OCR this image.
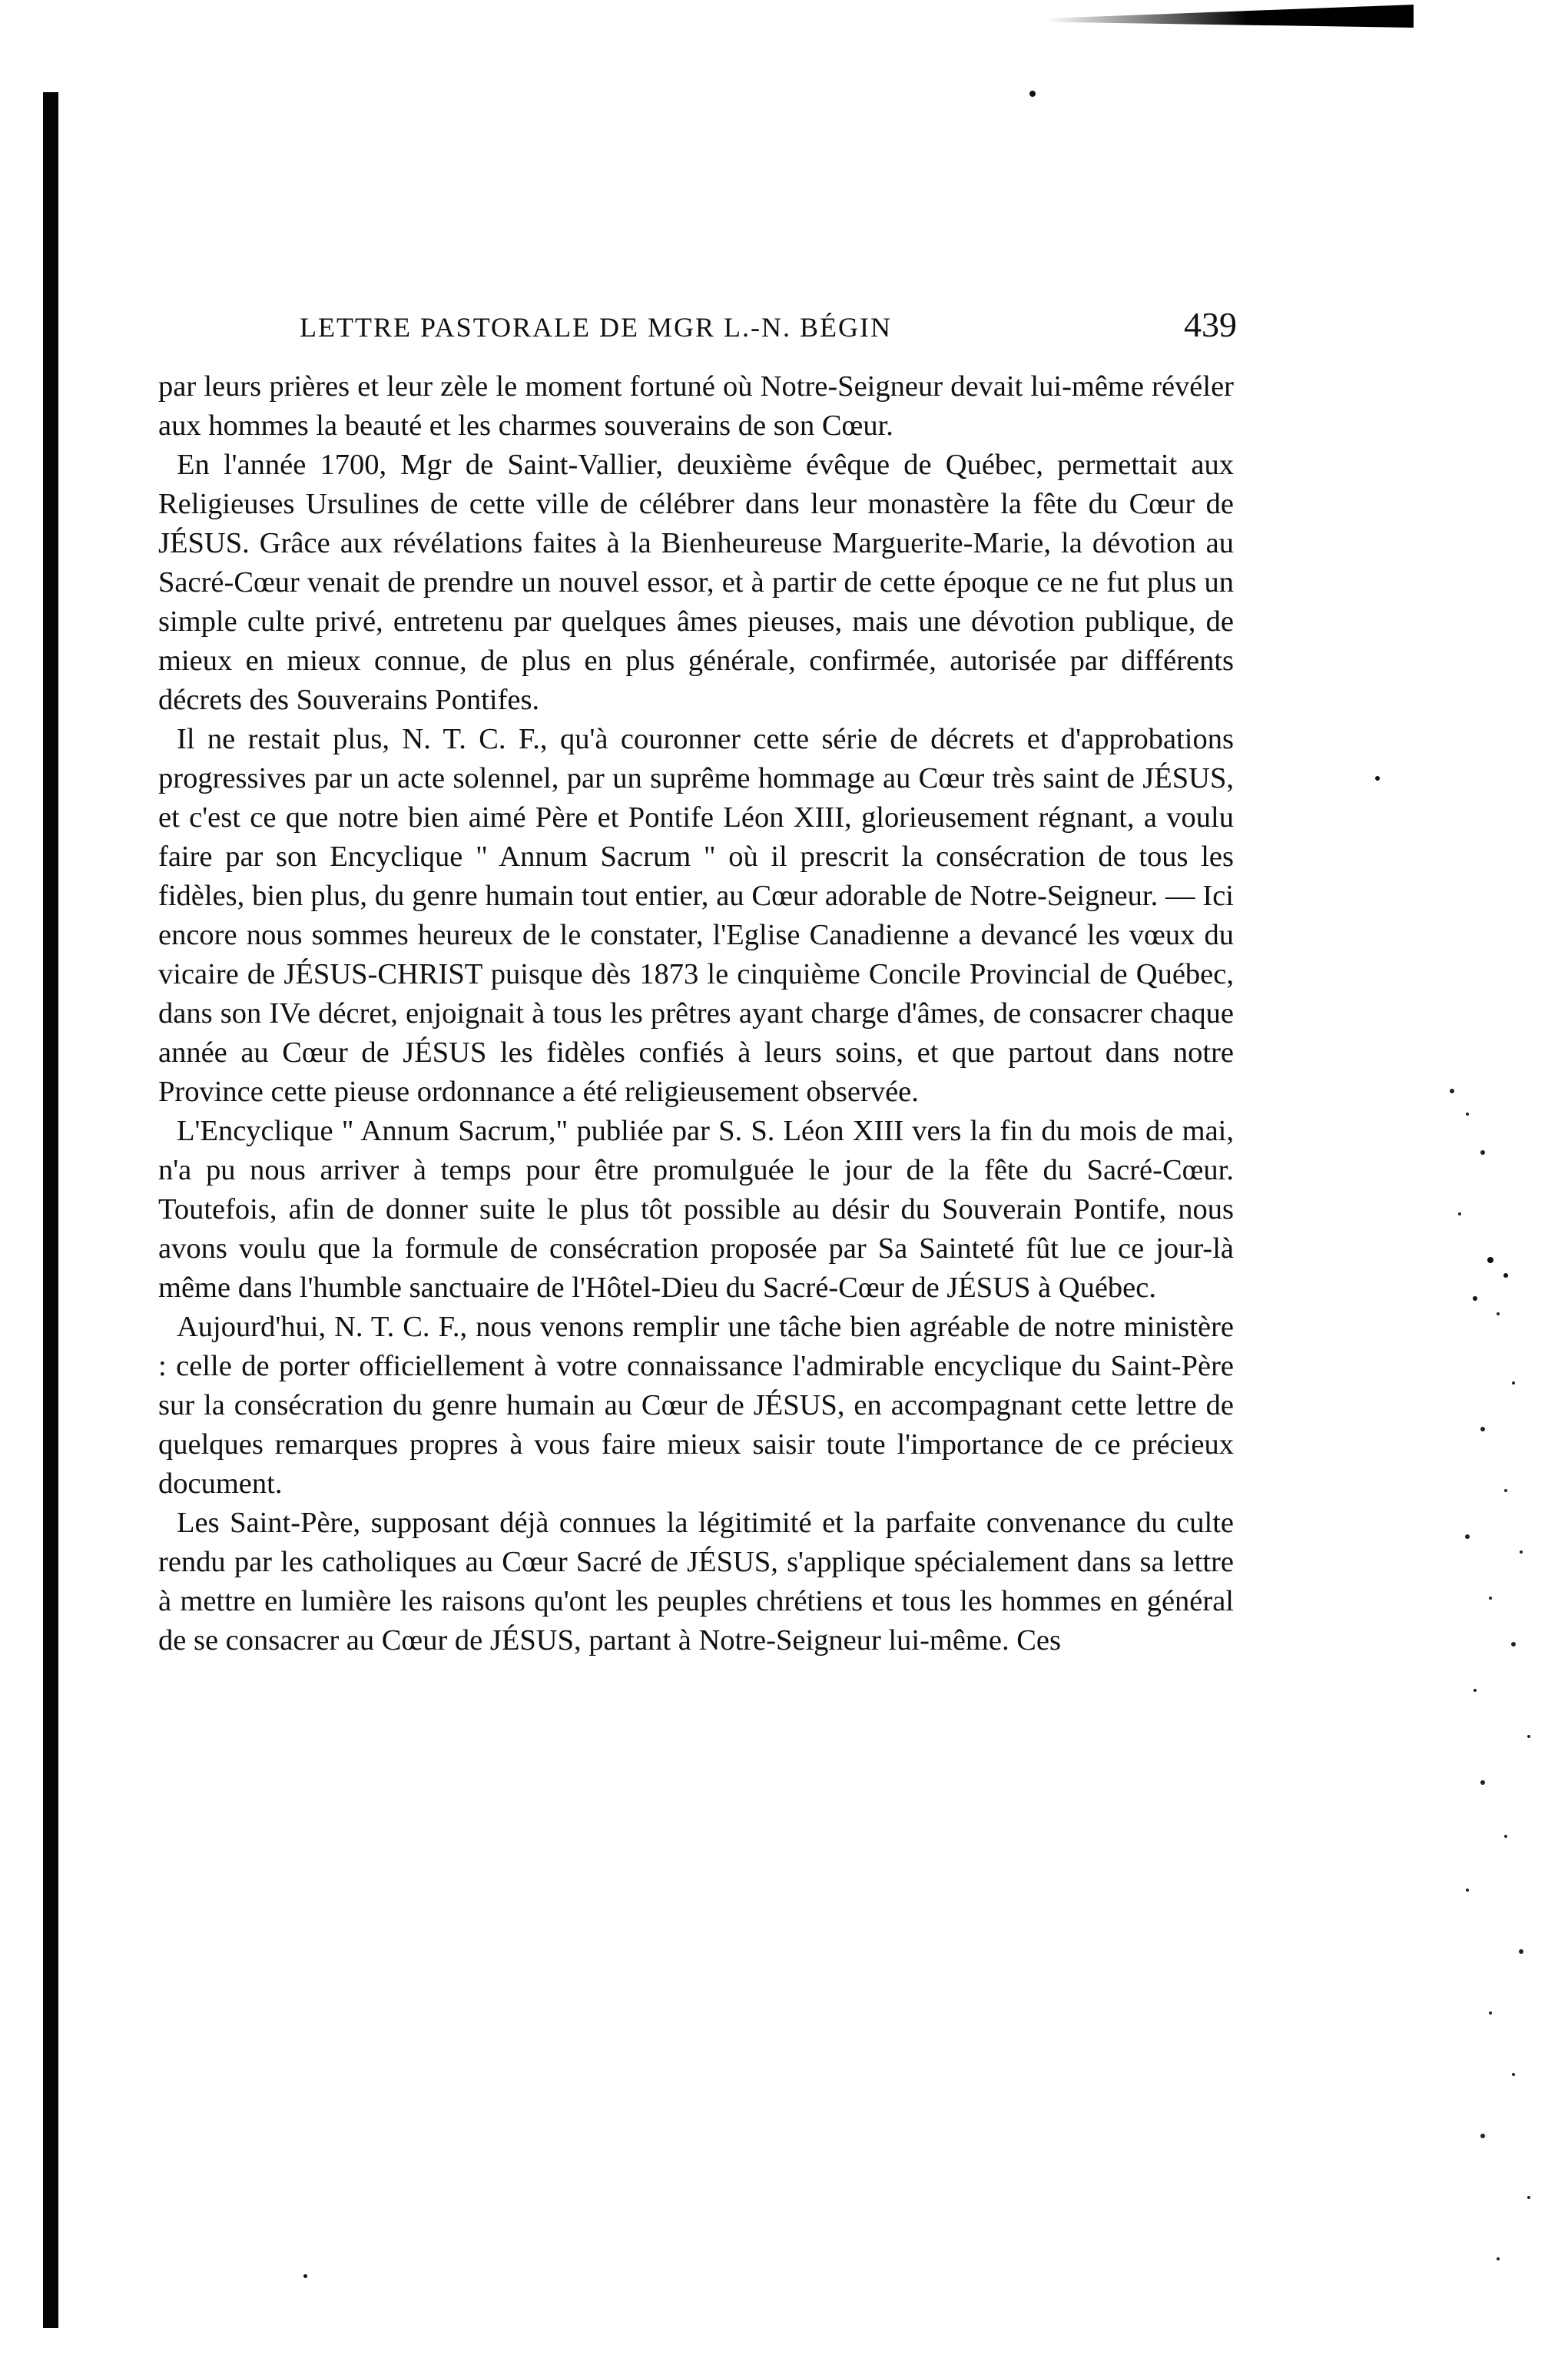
LETTRE PASTORALE DE MGR L.-N. BÉGIN	439

par leurs prières et leur zèle le moment fortuné où Notre-Seigneur devait lui-même révéler aux hommes la beauté et les charmes souverains de son Cœur.

En l'année 1700, Mgr de Saint-Vallier, deuxième évêque de Québec, permettait aux Religieuses Ursulines de cette ville de célébrer dans leur monastère la fête du Cœur de JÉSUS. Grâce aux révélations faites à la Bienheureuse Marguerite-Marie, la dévotion au Sacré-Cœur venait de prendre un nouvel essor, et à partir de cette époque ce ne fut plus un simple culte privé, entretenu par quelques âmes pieuses, mais une dévotion publique, de mieux en mieux connue, de plus en plus générale, confirmée, autorisée par différents décrets des Souverains Pontifes.

Il ne restait plus, N. T. C. F., qu'à couronner cette série de décrets et d'approbations progressives par un acte solennel, par un suprême hommage au Cœur très saint de JÉSUS, et c'est ce que notre bien aimé Père et Pontife Léon XIII, glorieusement régnant, a voulu faire par son Encyclique " Annum Sacrum " où il prescrit la consécration de tous les fidèles, bien plus, du genre humain tout entier, au Cœur adorable de Notre-Seigneur. — Ici encore nous sommes heureux de le constater, l'Eglise Canadienne a devancé les vœux du vicaire de JÉSUS-CHRIST puisque dès 1873 le cinquième Concile Provincial de Québec, dans son IVe décret, enjoignait à tous les prêtres ayant charge d'âmes, de consacrer chaque année au Cœur de JÉSUS les fidèles confiés à leurs soins, et que partout dans notre Province cette pieuse ordonnance a été religieusement observée.

L'Encyclique " Annum Sacrum," publiée par S. S. Léon XIII vers la fin du mois de mai, n'a pu nous arriver à temps pour être promulguée le jour de la fête du Sacré-Cœur. Toutefois, afin de donner suite le plus tôt possible au désir du Souverain Pontife, nous avons voulu que la formule de consécration proposée par Sa Sainteté fût lue ce jour-là même dans l'humble sanctuaire de l'Hôtel-Dieu du Sacré-Cœur de JÉSUS à Québec.

Aujourd'hui, N. T. C. F., nous venons remplir une tâche bien agréable de notre ministère : celle de porter officiellement à votre connaissance l'admirable encyclique du Saint-Père sur la consécration du genre humain au Cœur de JÉSUS, en accompagnant cette lettre de quelques remarques propres à vous faire mieux saisir toute l'importance de ce précieux document.

Les Saint-Père, supposant déjà connues la légitimité et la parfaite convenance du culte rendu par les catholiques au Cœur Sacré de JÉSUS, s'applique spécialement dans sa lettre à mettre en lumière les raisons qu'ont les peuples chrétiens et tous les hommes en général de se consacrer au Cœur de JÉSUS, partant à Notre-Seigneur lui-même. Ces
